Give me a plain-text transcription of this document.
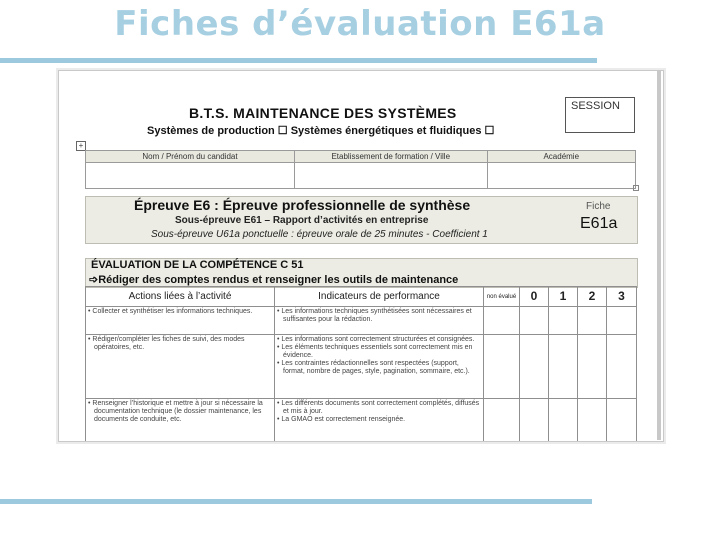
Fiches d’évaluation E61a
B.T.S. MAINTENANCE DES SYSTÈMES
Systèmes de production ☐ Systèmes énergétiques et fluidiques ☐
SESSION
+
Nom / Prénom du candidat	Etablissement de formation / Ville	Académie

Épreuve E6 : Épreuve professionnelle de synthèse
Sous-épreuve E61 – Rapport d’activités en entreprise
Sous-épreuve U61a ponctuelle : épreuve orale de 25 minutes - Coefficient 1
Fiche
E61a
ÉVALUATION DE LA COMPÉTENCE C 51
➩Rédiger des comptes rendus et renseigner les outils de maintenance
Actions liées à l’activité	Indicateurs de performance	non évalué	0	1	2	3

• Collecter et synthétiser les informations techniques.	• Les informations techniques synthétisées sont nécessaires et suffisantes pour la rédaction.					

• Rédiger/compléter les fiches de suivi, des modes opératoires, etc.	• Les informations sont correctement structurées et consignées.
• Les éléments techniques essentiels sont correctement mis en évidence.
• Les contraintes rédactionnelles sont respectées (support, format, nombre de pages, style, pagination, sommaire, etc.).					

• Renseigner l’historique et mettre à jour si nécessaire la documentation technique (le dossier maintenance, les documents de conduite, etc.	• Les différents documents sont correctement complétés, diffusés et mis à jour.
• La GMAO est correctement renseignée.					
